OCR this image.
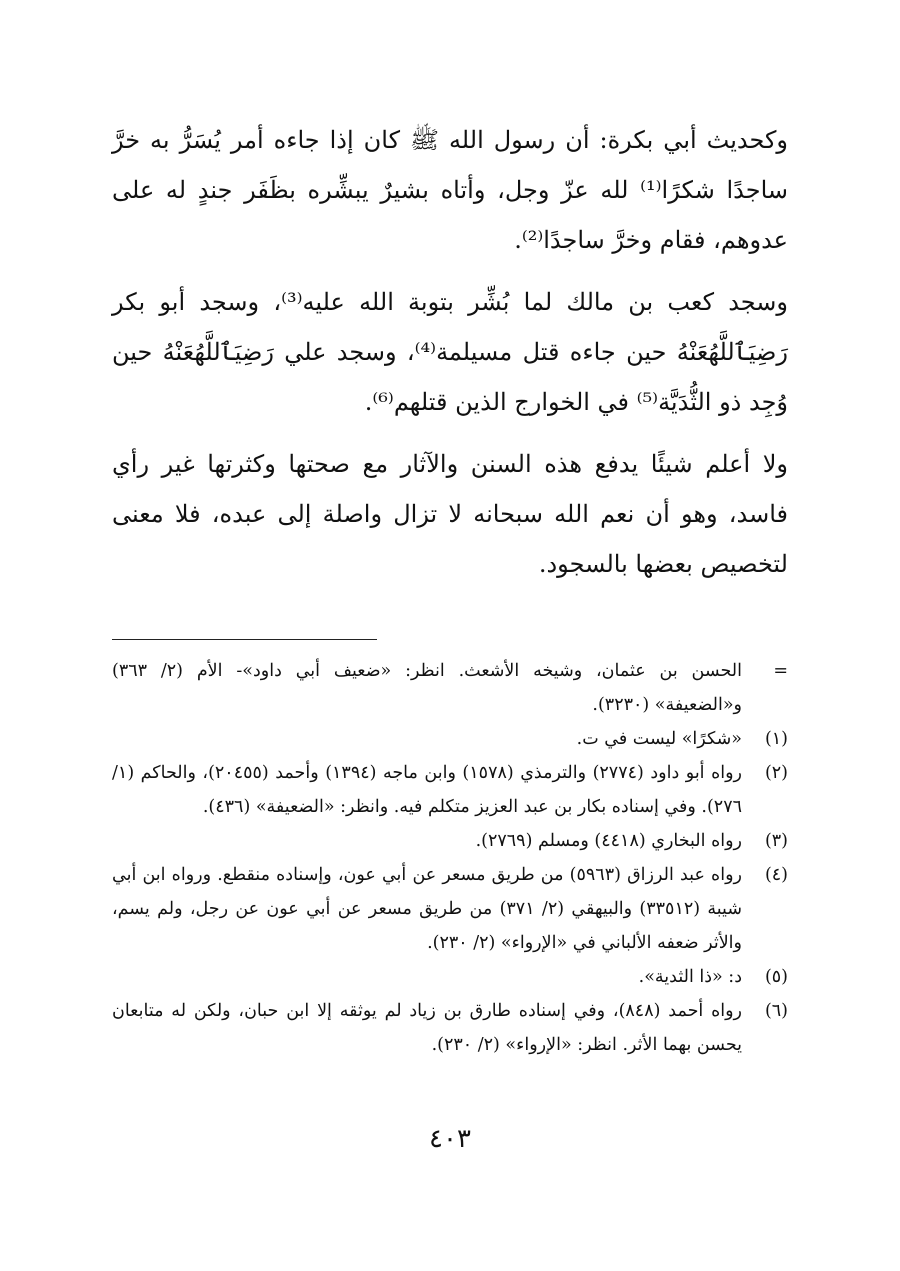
وكحديث أبي بكرة: أن رسول الله ﷺ كان إذا جاءه أمر يُسَرُّ به خرَّ ساجدًا شكرًا⁽¹⁾ لله عزّ وجل، وأتاه بشيرٌ يبشِّره بظَفَر جندٍ له على عدوهم، فقام وخرَّ ساجدًا⁽²⁾.

وسجد كعب بن مالك لما بُشِّر بتوبة الله عليه⁽³⁾، وسجد أبو بكر رَضِيَٱللَّهُعَنْهُ حين جاءه قتل مسيلمة⁽⁴⁾، وسجد علي رَضِيَٱللَّهُعَنْهُ حين وُجِد ذو الثُّدَيَّة⁽⁵⁾ في الخوارج الذين قتلهم⁽⁶⁾.

ولا أعلم شيئًا يدفع هذه السنن والآثار مع صحتها وكثرتها غير رأي فاسد، وهو أن نعم الله سبحانه لا تزال واصلة إلى عبده، فلا معنى لتخصيص بعضها بالسجود.

=
الحسن بن عثمان، وشيخه الأشعث. انظر: «ضعيف أبي داود»- الأم (٢/ ٣٦٣) و«الضعيفة» (٣٢٣٠).
(١)
«شكرًا» ليست في ت.
(٢)
رواه أبو داود (٢٧٧٤) والترمذي (١٥٧٨) وابن ماجه (١٣٩٤) وأحمد (٢٠٤٥٥)، والحاكم (١/ ٢٧٦). وفي إسناده بكار بن عبد العزيز متكلم فيه. وانظر: «الضعيفة» (٤٣٦).
(٣)
رواه البخاري (٤٤١٨) ومسلم (٢٧٦٩).
(٤)
رواه عبد الرزاق (٥٩٦٣) من طريق مسعر عن أبي عون، وإسناده منقطع. ورواه ابن أبي شيبة (٣٣٥١٢) والبيهقي (٢/ ٣٧١) من طريق مسعر عن أبي عون عن رجل، ولم يسم، والأثر ضعفه الألباني في «الإرواء» (٢/ ٢٣٠).
(٥)
د: «ذا الثدية».
(٦)
رواه أحمد (٨٤٨)، وفي إسناده طارق بن زياد لم يوثقه إلا ابن حبان، ولكن له متابعان يحسن بهما الأثر. انظر: «الإرواء» (٢/ ٢٣٠).
٤٠٣
